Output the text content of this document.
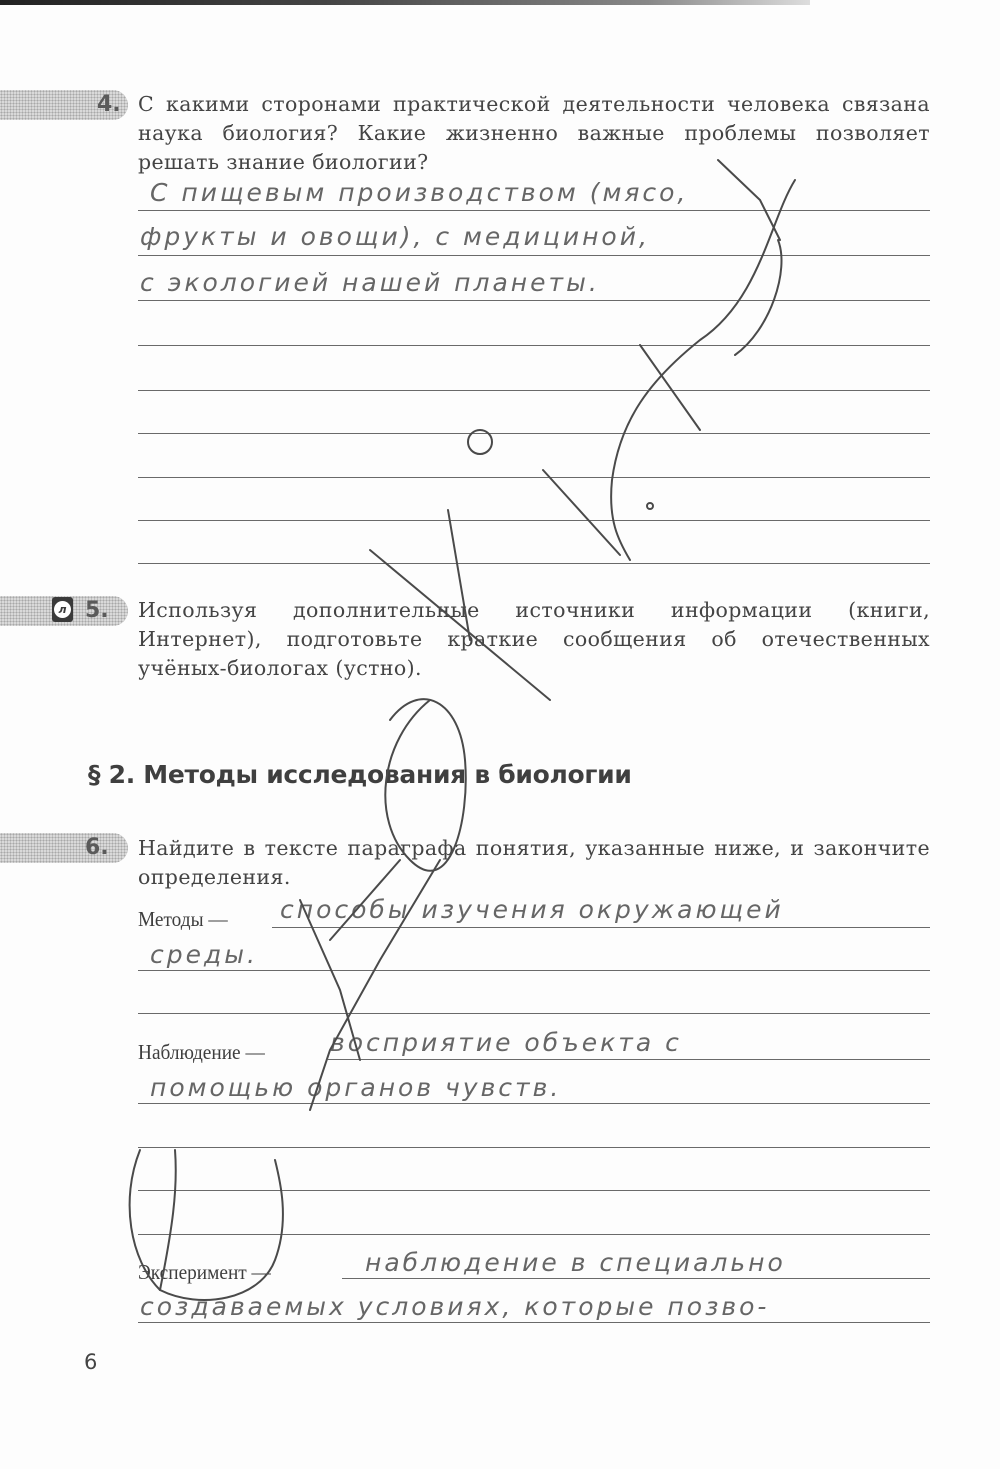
4. С какими сторонами практической деятельности человека связана наука биология? Какие жизненно важные проблемы позволяет решать знание биологии?
С пищевым производством (мясо,
фрукты и овощи), с медициной,
с экологией нашей планеты.
л 5. Используя дополнительные источники информации (книги, Интернет), подготовьте краткие сообщения об отечественных учёных-биологах (устно).
§ 2. Методы исследования в биологии
6. Найдите в тексте параграфа понятия, указанные ниже, и закончите определения.
Методы — способы изучения окружающей
среды.
Наблюдение —	восприятие объекта с
помощью органов чувств.
Эксперимент —	наблюдение в специально
создаваемых условиях, которые позво-
6
